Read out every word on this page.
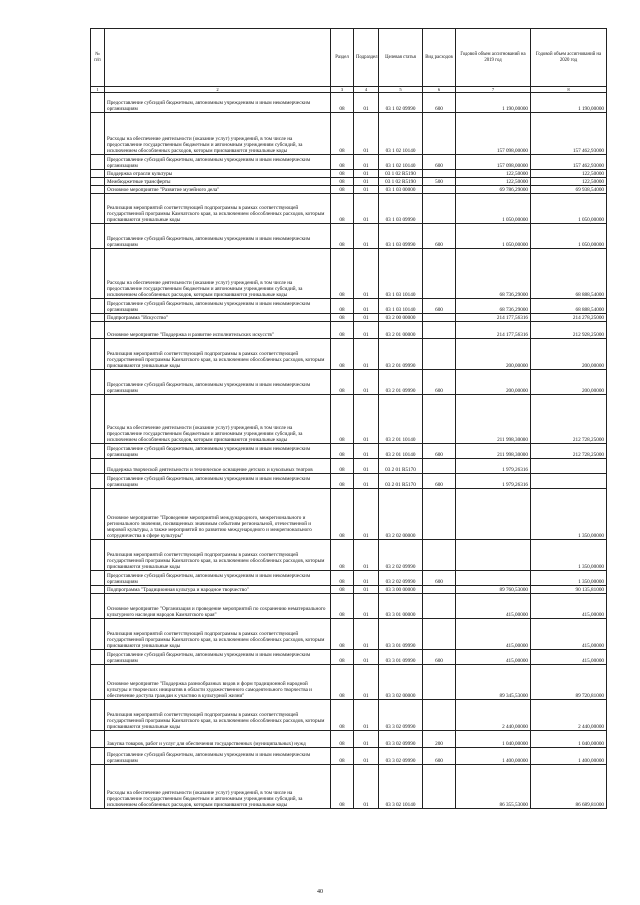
№ п/п		Раздел	Подраздел	Целевая статья	Вид расходов	Годовой объем ассигнований на 2019 год	Годовой объем ассигнований на 2020 год
1	2	3	4	5	6	7	8
	Предоставление субсидий бюджетным, автономным учреждениям и иным некоммерческим организациям	08	01	03 1 02 09990	600	1 190,00000	1 190,00000
	Расходы на обеспечение деятельности (оказание услуг) учреждений, в том числе на предоставление государственным бюджетным и автономным учреждениям субсидий, за исключением обособленных расходов, которым присваиваются уникальные коды	08	01	03 1 02 10140		157 098,00000	157 462,93000
	Предоставление субсидий бюджетным, автономным учреждениям и иным некоммерческим организациям	08	01	03 1 02 10140	600	157 098,00000	157 462,93000
	Поддержка отрасли культуры	08	01	03 1 02 R5190		122,50000	122,50000
	Межбюджетные трансферты	08	01	03 1 02 R5190	500	122,50000	122,50000
	Основное мероприятие "Развитие музейного дела"	08	01	03 1 03 00000		69 786,29000	69 938,54000
	Реализация мероприятий соответствующей подпрограммы в рамках соответствующей государственной программы Камчатского края, за исключением обособленных расходов, которым присваиваются уникальные коды	08	01	03 1 03 09990		1 050,00000	1 050,00000
	Предоставление субсидий бюджетным, автономным учреждениям и иным некоммерческим организациям	08	01	03 1 03 09990	600	1 050,00000	1 050,00000
	Расходы на обеспечение деятельности (оказание услуг) учреждений, в том числе на предоставление государственным бюджетным и автономным учреждениям субсидий, за исключением обособленных расходов, которым присваиваются уникальные коды	08	01	03 1 03 10140		68 736,29000	68 888,54000
	Предоставление субсидий бюджетным, автономным учреждениям и иным некоммерческим организациям	08	01	03 1 03 10140	600	68 736,29000	68 888,54000
	Подпрограмма "Искусство"	08	01	03 2 00 00000		214 177,56316	214 278,25000
	Основное мероприятие "Поддержка и развитие исполнительских искусств"	08	01	03 2 01 00000		214 177,56316	212 928,25000
	Реализация мероприятий соответствующей подпрограммы в рамках соответствующей государственной программы Камчатского края, за исключением обособленных расходов, которым присваиваются уникальные коды	08	01	03 2 01 09990		200,00000	200,00000
	Предоставление субсидий бюджетным, автономным учреждениям и иным некоммерческим организациям	08	01	03 2 01 09990	600	200,00000	200,00000
	Расходы на обеспечение деятельности (оказание услуг) учреждений, в том числе на предоставление государственным бюджетным и автономным учреждениям субсидий, за исключением обособленных расходов, которым присваиваются уникальные коды	08	01	03 2 01 10140		211 998,30000	212 728,25000
	Предоставление субсидий бюджетным, автономным учреждениям и иным некоммерческим организациям	08	01	03 2 01 10140	600	211 998,30000	212 728,25000
	Поддержка творческой деятельности и техническое оснащение детских и кукольных театров	08	01	03 2 01 R5170		1 979,26316	
	Предоставление субсидий бюджетным, автономным учреждениям и иным некоммерческим организациям	08	01	03 2 01 R5170	600	1 979,26316	
	Основное мероприятие "Проведение мероприятий международного, межрегионального и регионального значения, посвященных значимым событиям региональной, отечественной и мировой культуры, а также мероприятий по развитию международного и межрегионального сотрудничества в сфере культуры"	08	01	03 2 02 00000			1 350,00000
	Реализация мероприятий соответствующей подпрограммы в рамках соответствующей государственной программы Камчатского края, за исключением обособленных расходов, которым присваиваются уникальные коды	08	01	03 2 02 09990			1 350,00000
	Предоставление субсидий бюджетным, автономным учреждениям и иным некоммерческим организациям	08	01	03 2 02 09990	600		1 350,00000
	Подпрограмма "Традиционная культура и народное творчество"	08	01	03 3 00 00000		89 760,53000	90 135,81000
	Основное мероприятие "Организация и проведение мероприятий по сохранению нематериального культурного наследия народов Камчатского края"	08	01	03 3 01 00000		415,00000	415,00000
	Реализация мероприятий соответствующей подпрограммы в рамках соответствующей государственной программы Камчатского края, за исключением обособленных расходов, которым присваиваются уникальные коды	08	01	03 3 01 09990		415,00000	415,00000
	Предоставление субсидий бюджетным, автономным учреждениям и иным некоммерческим организациям	08	01	03 3 01 09990	600	415,00000	415,00000
	Основное мероприятие "Поддержка разнообразных видов и форм традиционной народной культуры и творческих инициатив в области художественного самодеятельного творчества и обеспечение доступа граждан к участию в культурной жизни"	08	01	03 3 02 00000		89 345,53000	89 720,81000
	Реализация мероприятий соответствующей подпрограммы в рамках соответствующей государственной программы Камчатского края, за исключением обособленных расходов, которым присваиваются уникальные коды	08	01	03 3 02 09990		2 440,00000	2 440,00000
	Закупка товаров, работ и услуг для обеспечения государственных (муниципальных) нужд	08	01	03 3 02 09990	200	1 040,00000	1 040,00000
	Предоставление субсидий бюджетным, автономным учреждениям и иным некоммерческим организациям	08	01	03 3 02 09990	600	1 400,00000	1 400,00000
	Расходы на обеспечение деятельности (оказание услуг) учреждений, в том числе на предоставление государственным бюджетным и автономным учреждениям субсидий, за исключением обособленных расходов, которым присваиваются уникальные коды	08	01	03 3 02 10140		86 355,53000	86 689,81000
40
